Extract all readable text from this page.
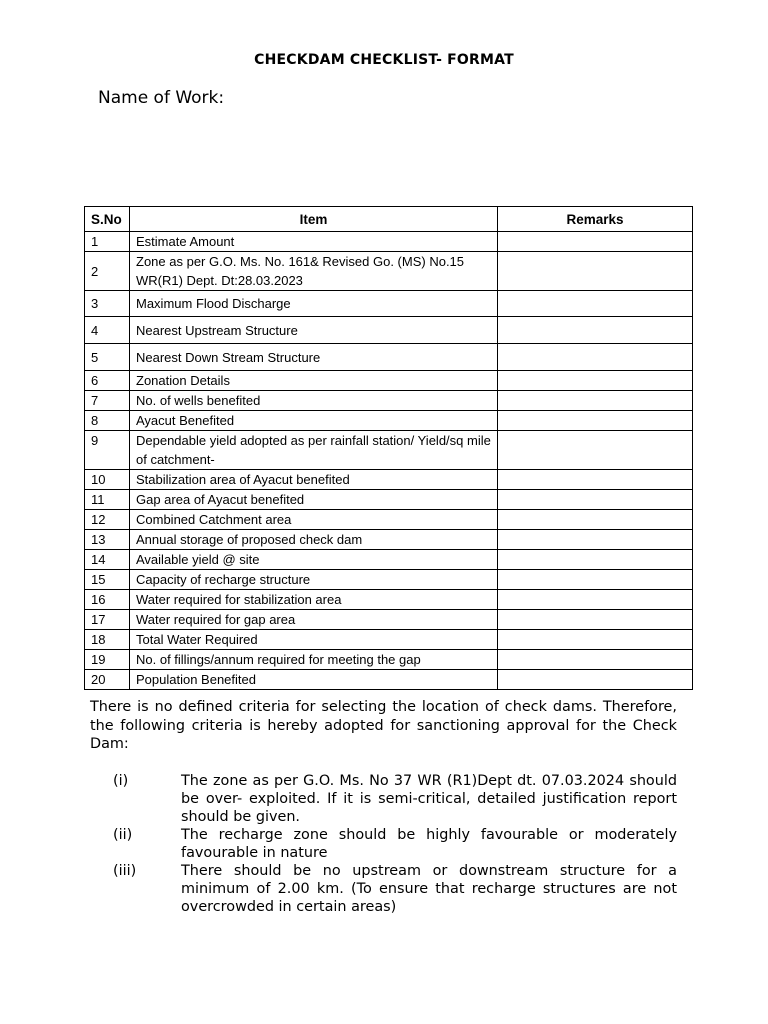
CHECKDAM CHECKLIST- FORMAT
Name of Work:
S.No	Item	Remarks
1	Estimate Amount	
2	Zone as per G.O. Ms. No. 161& Revised Go. (MS) No.15 WR(R1) Dept. Dt:28.03.2023	
3	Maximum Flood Discharge	
4	Nearest Upstream Structure	
5	Nearest Down Stream Structure	
6	Zonation Details	
7	No. of wells benefited	
8	Ayacut Benefited	
9	Dependable yield adopted as per rainfall station/ Yield/sq mile of catchment-	
10	Stabilization area of Ayacut benefited	
11	Gap area of Ayacut benefited	
12	Combined Catchment area	
13	Annual storage of proposed check dam	
14	Available yield @ site	
15	Capacity of recharge structure	
16	Water required for stabilization area	
17	Water required for gap area	
18	Total Water Required	
19	No. of fillings/annum required for meeting the gap	
20	Population Benefited	
There is no defined criteria for selecting the location of check dams. Therefore, the following criteria is hereby adopted for sanctioning approval for the Check Dam:
(i)	The zone as per G.O. Ms. No 37 WR (R1)Dept dt. 07.03.2024 should be over- exploited. If it is semi-critical, detailed justification report should be given.
(ii)	The recharge zone should be highly favourable or moderately favourable in nature
(iii)	There should be no upstream or downstream structure for a minimum of 2.00 km. (To ensure that recharge structures are not overcrowded in certain areas)
